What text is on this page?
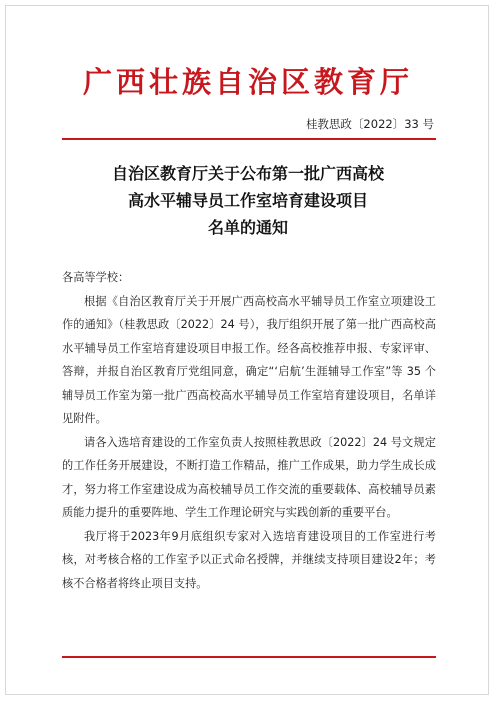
广西壮族自治区教育厅
桂教思政〔2022〕33 号
自治区教育厅关于公布第一批广西高校
高水平辅导员工作室培育建设项目
名单的通知

各高等学校：

根据《自治区教育厅关于开展广西高校高水平辅导员工作室立项建设工作的通知》（桂教思政〔2022〕24 号），我厅组织开展了第一批广西高校高水平辅导员工作室培育建设项目申报工作。经各高校推荐申报、专家评审、答辩，并报自治区教育厅党组同意，确定“‘启航’生涯辅导工作室”等 35 个辅导员工作室为第一批广西高校高水平辅导员工作室培育建设项目，名单详见附件。

请各入选培育建设的工作室负责人按照桂教思政〔2022〕24 号文规定的工作任务开展建设，不断打造工作精品，推广工作成果，助力学生成长成才，努力将工作室建设成为高校辅导员工作交流的重要载体、高校辅导员素质能力提升的重要阵地、学生工作理论研究与实践创新的重要平台。

我厅将于2023年9月底组织专家对入选培育建设项目的工作室进行考核，对考核合格的工作室予以正式命名授牌，并继续支持项目建设2年；考核不合格者将终止项目支持。
